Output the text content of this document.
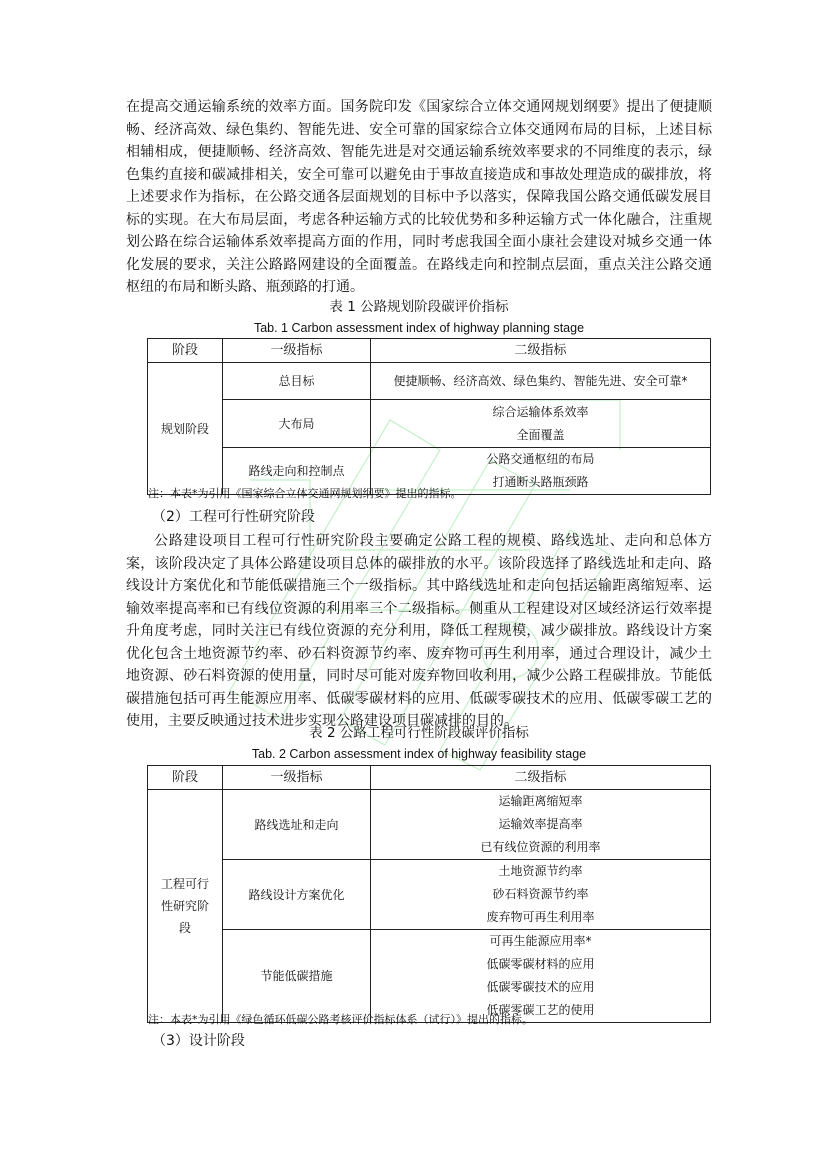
在提高交通运输系统的效率方面。国务院印发《国家综合立体交通网规划纲要》提出了便捷顺畅、经济高效、绿色集约、智能先进、安全可靠的国家综合立体交通网布局的目标，上述目标相辅相成，便捷顺畅、经济高效、智能先进是对交通运输系统效率要求的不同维度的表示，绿色集约直接和碳减排相关，安全可靠可以避免由于事故直接造成和事故处理造成的碳排放，将上述要求作为指标，在公路交通各层面规划的目标中予以落实，保障我国公路交通低碳发展目标的实现。在大布局层面，考虑各种运输方式的比较优势和多种运输方式一体化融合，注重规划公路在综合运输体系效率提高方面的作用，同时考虑我国全面小康社会建设对城乡交通一体化发展的要求，关注公路路网建设的全面覆盖。在路线走向和控制点层面，重点关注公路交通枢纽的布局和断头路、瓶颈路的打通。

表 1 公路规划阶段碳评价指标
Tab. 1 Carbon assessment index of highway planning stage
阶段	一级指标	二级指标
规划阶段	总目标	便捷顺畅、经济高效、绿色集约、智能先进、安全可靠*
	大布局	综合运输体系效率
全面覆盖

	路线走向和控制点	公路交通枢纽的布局
打通断头路瓶颈路
注：本表*为引用《国家综合立体交通网规划纲要》提出的指标。
（2）工程可行性研究阶段

公路建设项目工程可行性研究阶段主要确定公路工程的规模、路线选址、走向和总体方案，该阶段决定了具体公路建设项目总体的碳排放的水平。该阶段选择了路线选址和走向、路线设计方案优化和节能低碳措施三个一级指标。其中路线选址和走向包括运输距离缩短率、运输效率提高率和已有线位资源的利用率三个二级指标。侧重从工程建设对区域经济运行效率提升角度考虑，同时关注已有线位资源的充分利用，降低工程规模，减少碳排放。路线设计方案优化包含土地资源节约率、砂石料资源节约率、废弃物可再生利用率，通过合理设计，减少土地资源、砂石料资源的使用量，同时尽可能对废弃物回收利用，减少公路工程碳排放。节能低碳措施包括可再生能源应用率、低碳零碳材料的应用、低碳零碳技术的应用、低碳零碳工艺的使用，主要反映通过技术进步实现公路建设项目碳减排的目的。

表 2 公路工程可行性阶段碳评价指标
Tab. 2 Carbon assessment index of highway feasibility stage
阶段	一级指标	二级指标
工程可行性研究阶段	路线选址和走向	运输距离缩短率
运输效率提高率
已有线位资源的利用率

	路线设计方案优化	土地资源节约率
砂石料资源节约率
废弃物可再生利用率

	节能低碳措施	可再生能源应用率*
低碳零碳材料的应用
低碳零碳技术的应用
低碳零碳工艺的使用
注：本表*为引用《绿色循环低碳公路考核评价指标体系（试行）》提出的指标。
（3）设计阶段
